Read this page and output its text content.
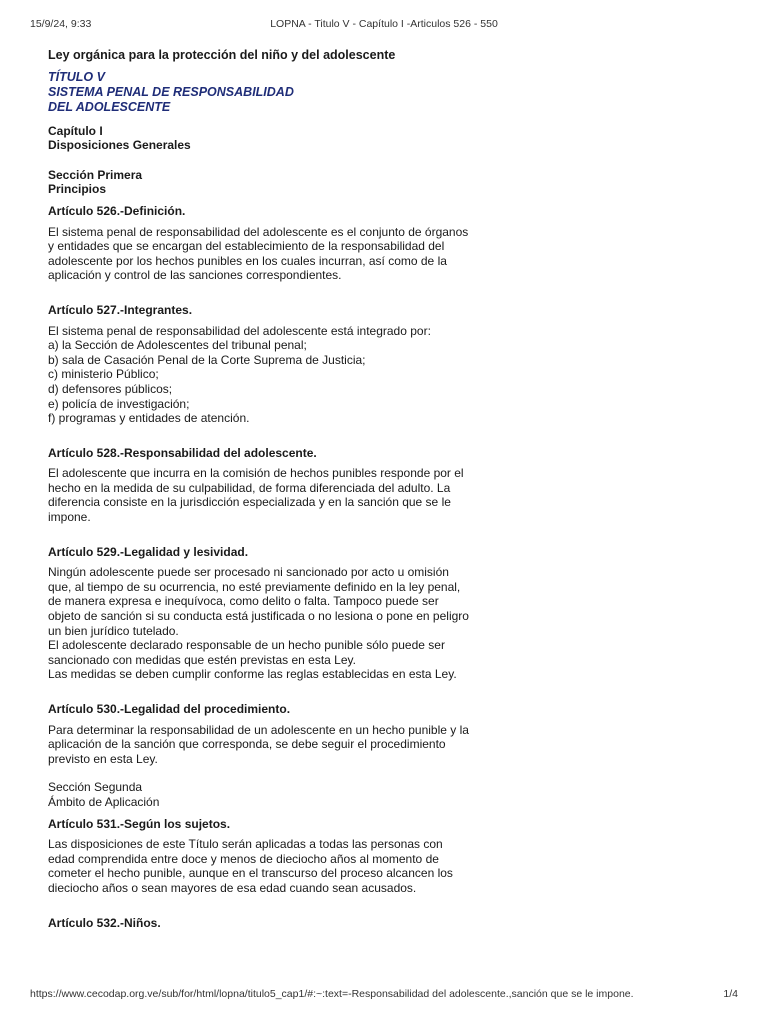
15/9/24, 9:33	LOPNA - Titulo V - Capítulo I -Articulos 526 - 550
Ley orgánica para la protección del niño y del adolescente
TÍTULO V
SISTEMA PENAL DE RESPONSABILIDAD
DEL ADOLESCENTE
Capítulo I
Disposiciones Generales
Sección Primera
Principios
Artículo 526.-Definición.
El sistema penal de responsabilidad del adolescente es el conjunto de órganos
y entidades que se encargan del establecimiento de la responsabilidad del
adolescente por los hechos punibles en los cuales incurran, así como de la
aplicación y control de las sanciones correspondientes.
Artículo 527.-Integrantes.
El sistema penal de responsabilidad del adolescente está integrado por:
a) la Sección de Adolescentes del tribunal penal;
b) sala de Casación Penal de la Corte Suprema de Justicia;
c) ministerio Público;
d) defensores públicos;
e) policía de investigación;
f) programas y entidades de atención.
Artículo 528.-Responsabilidad del adolescente.
El adolescente que incurra en la comisión de hechos punibles responde por el
hecho en la medida de su culpabilidad, de forma diferenciada del adulto. La
diferencia consiste en la jurisdicción especializada y en la sanción que se le
impone.
Artículo 529.-Legalidad y lesividad.
Ningún adolescente puede ser procesado ni sancionado por acto u omisión
que, al tiempo de su ocurrencia, no esté previamente definido en la ley penal,
de manera expresa e inequívoca, como delito o falta. Tampoco puede ser
objeto de sanción si su conducta está justificada o no lesiona o pone en peligro
un bien jurídico tutelado.
El adolescente declarado responsable de un hecho punible sólo puede ser
sancionado con medidas que estén previstas en esta Ley.
Las medidas se deben cumplir conforme las reglas establecidas en esta Ley.
Artículo 530.-Legalidad del procedimiento.
Para determinar la responsabilidad de un adolescente en un hecho punible y la
aplicación de la sanción que corresponda, se debe seguir el procedimiento
previsto en esta Ley.
Sección Segunda
Ámbito de Aplicación
Artículo 531.-Según los sujetos.
Las disposiciones de este Título serán aplicadas a todas las personas con
edad comprendida entre doce y menos de dieciocho años al momento de
cometer el hecho punible, aunque en el transcurso del proceso alcancen los
dieciocho años o sean mayores de esa edad cuando sean acusados.
Artículo 532.-Niños.
https://www.cecodap.org.ve/sub/for/html/lopna/titulo5_cap1/#:~:text=-Responsabilidad del adolescente.,sanción que se le impone.	1/4
